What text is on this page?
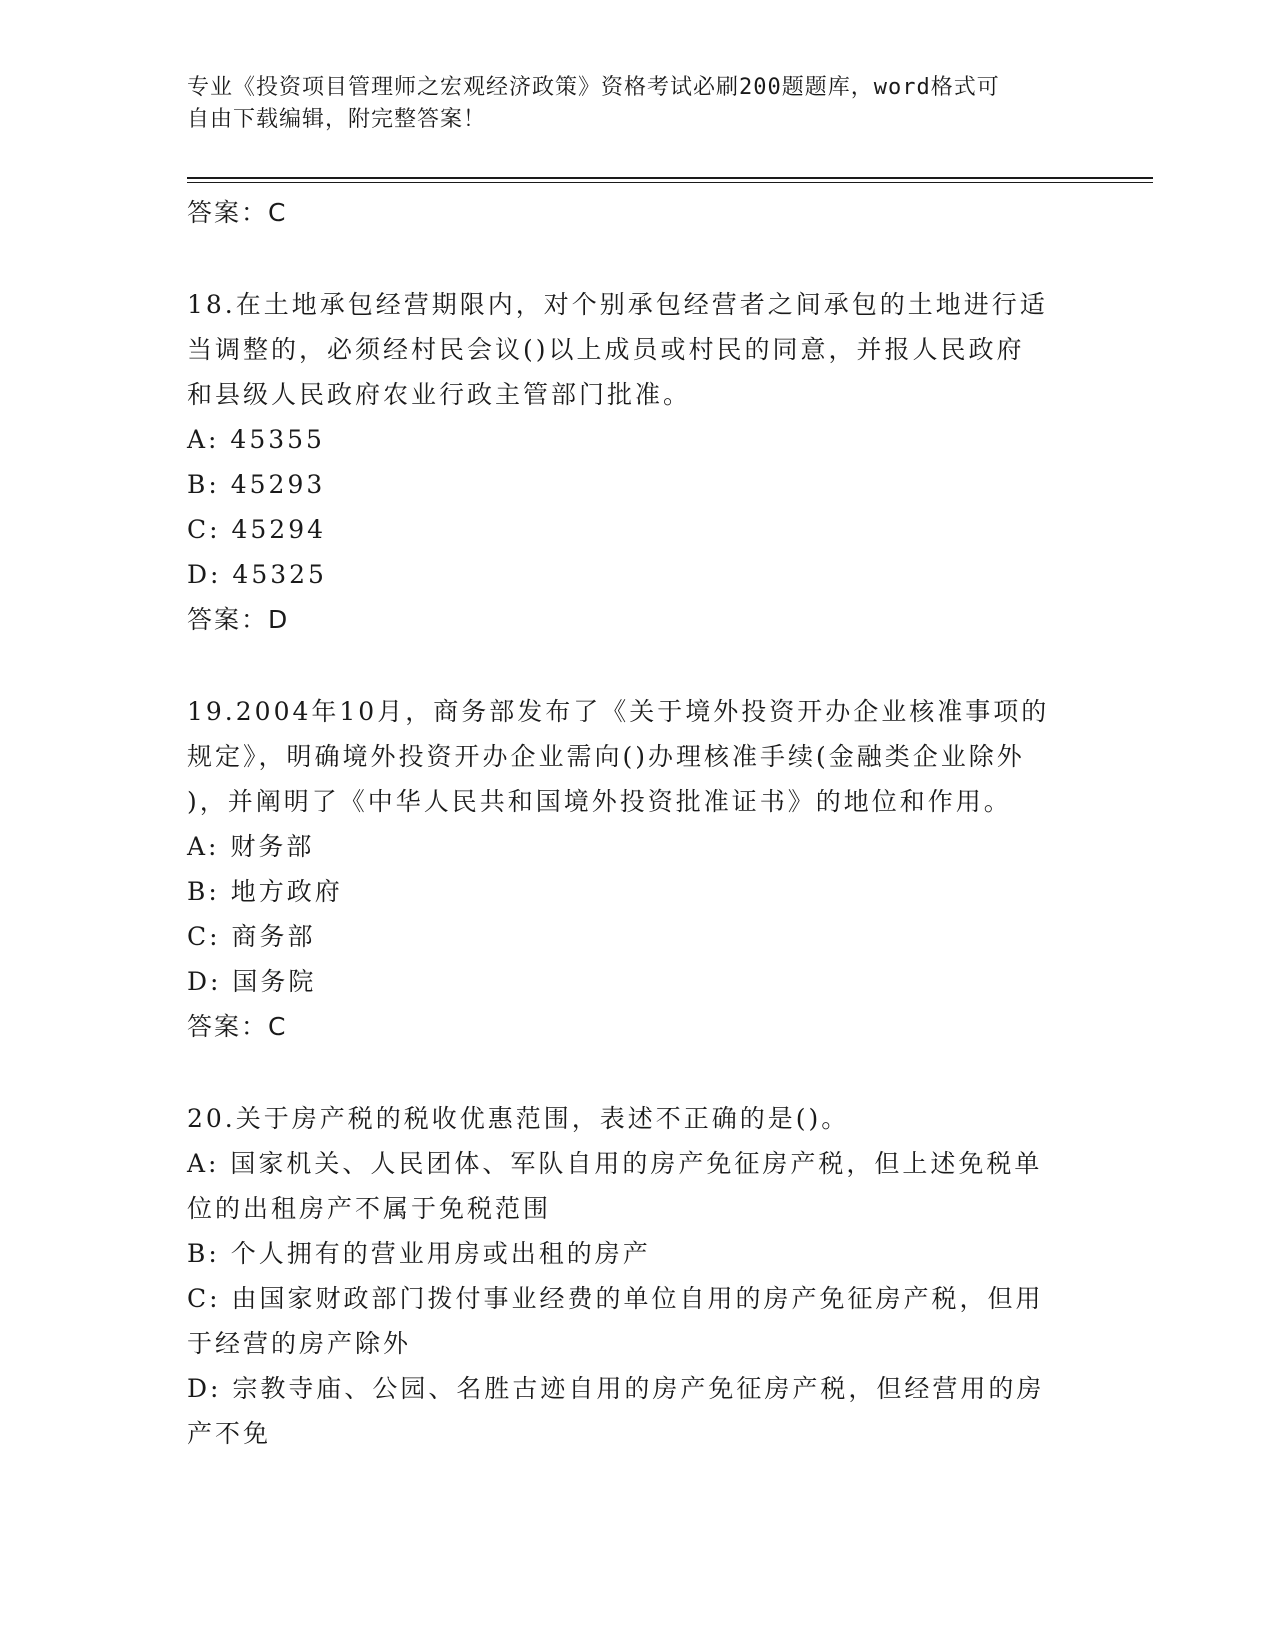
专业《投资项目管理师之宏观经济政策》资格考试必刷200题题库，word格式可
自由下载编辑，附完整答案！
答案：C
18.在土地承包经营期限内，对个别承包经营者之间承包的土地进行适
当调整的，必须经村民会议()以上成员或村民的同意，并报人民政府
和县级人民政府农业行政主管部门批准。
A: 45355
B: 45293
C: 45294
D: 45325
答案：D
19.2004年10月，商务部发布了《关于境外投资开办企业核准事项的
规定》，明确境外投资开办企业需向()办理核准手续(金融类企业除外
)，并阐明了《中华人民共和国境外投资批准证书》的地位和作用。
A: 财务部
B: 地方政府
C: 商务部
D: 国务院
答案：C
20.关于房产税的税收优惠范围，表述不正确的是()。
A: 国家机关、人民团体、军队自用的房产免征房产税，但上述免税单
位的出租房产不属于免税范围
B: 个人拥有的营业用房或出租的房产
C: 由国家财政部门拨付事业经费的单位自用的房产免征房产税，但用
于经营的房产除外
D: 宗教寺庙、公园、名胜古迹自用的房产免征房产税，但经营用的房
产不免
